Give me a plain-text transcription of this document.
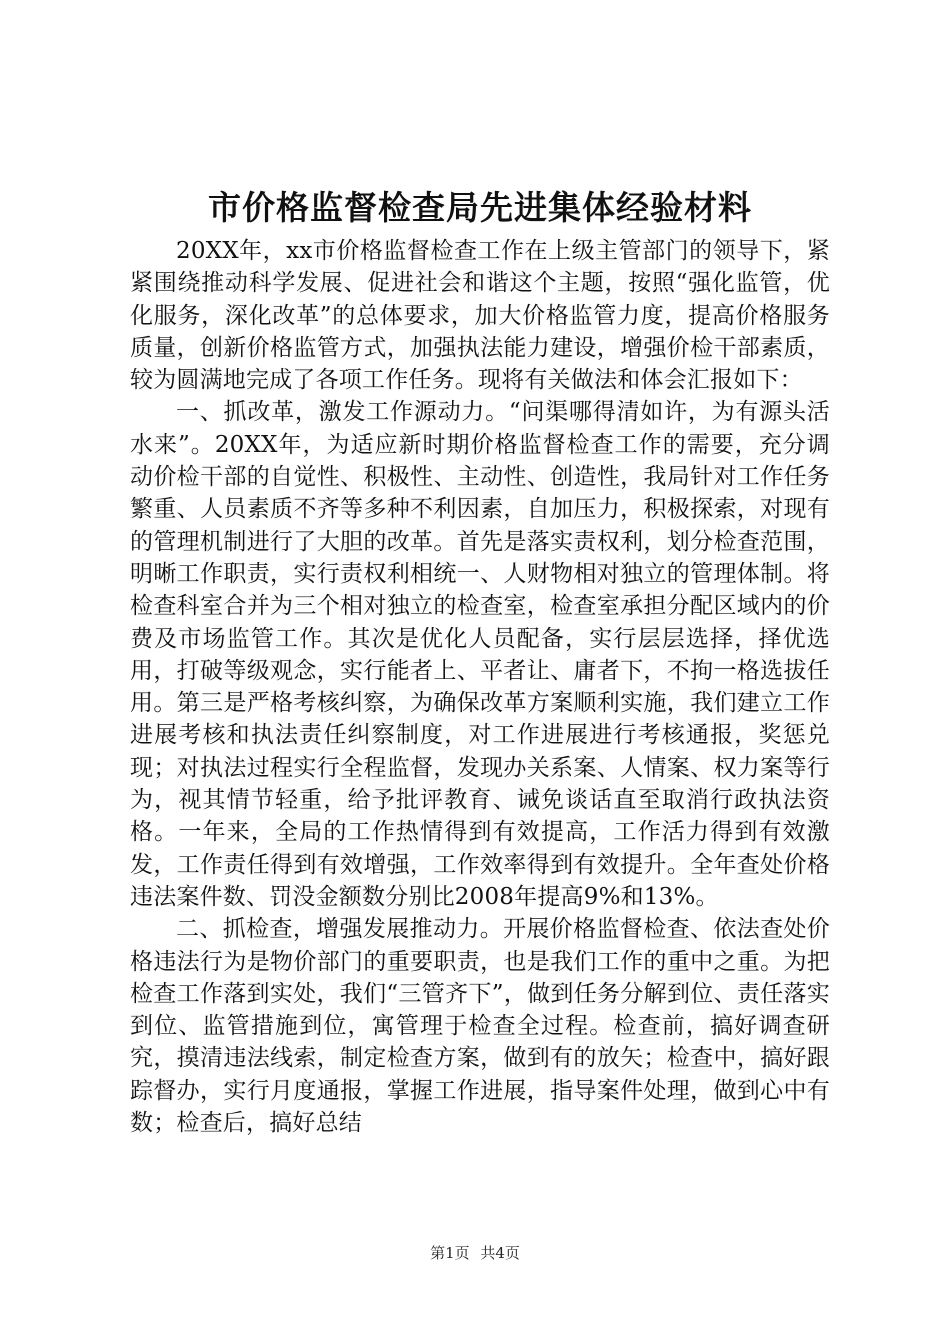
市价格监督检查局先进集体经验材料

20XX年，xx市价格监督检查工作在上级主管部门的领导下，紧紧围绕推动科学发展、促进社会和谐这个主题，按照“强化监管，优化服务，深化改革”的总体要求，加大价格监管力度，提高价格服务质量，创新价格监管方式，加强执法能力建设，增强价检干部素质，较为圆满地完成了各项工作任务。现将有关做法和体会汇报如下：

一、抓改革，激发工作源动力。“问渠哪得清如许，为有源头活水来”。20XX年，为适应新时期价格监督检查工作的需要，充分调动价检干部的自觉性、积极性、主动性、创造性，我局针对工作任务繁重、人员素质不齐等多种不利因素，自加压力，积极探索，对现有的管理机制进行了大胆的改革。首先是落实责权利，划分检查范围，明晰工作职责，实行责权利相统一、人财物相对独立的管理体制。将检查科室合并为三个相对独立的检查室，检查室承担分配区域内的价费及市场监管工作。其次是优化人员配备，实行层层选择，择优选用，打破等级观念，实行能者上、平者让、庸者下，不拘一格选拔任用。第三是严格考核纠察，为确保改革方案顺利实施，我们建立工作进展考核和执法责任纠察制度，对工作进展进行考核通报，奖惩兑现；对执法过程实行全程监督，发现办关系案、人情案、权力案等行为，视其情节轻重，给予批评教育、诫免谈话直至取消行政执法资格。一年来，全局的工作热情得到有效提高，工作活力得到有效激发，工作责任得到有效增强，工作效率得到有效提升。全年查处价格违法案件数、罚没金额数分别比2008年提高9%和13%。

二、抓检查，增强发展推动力。开展价格监督检查、依法查处价格违法行为是物价部门的重要职责，也是我们工作的重中之重。为把检查工作落到实处，我们“三管齐下”，做到任务分解到位、责任落实到位、监管措施到位，寓管理于检查全过程。检查前，搞好调查研究，摸清违法线索，制定检查方案，做到有的放矢；检查中，搞好跟踪督办，实行月度通报，掌握工作进展，指导案件处理，做到心中有数；检查后，搞好总结

第1页 共4页
